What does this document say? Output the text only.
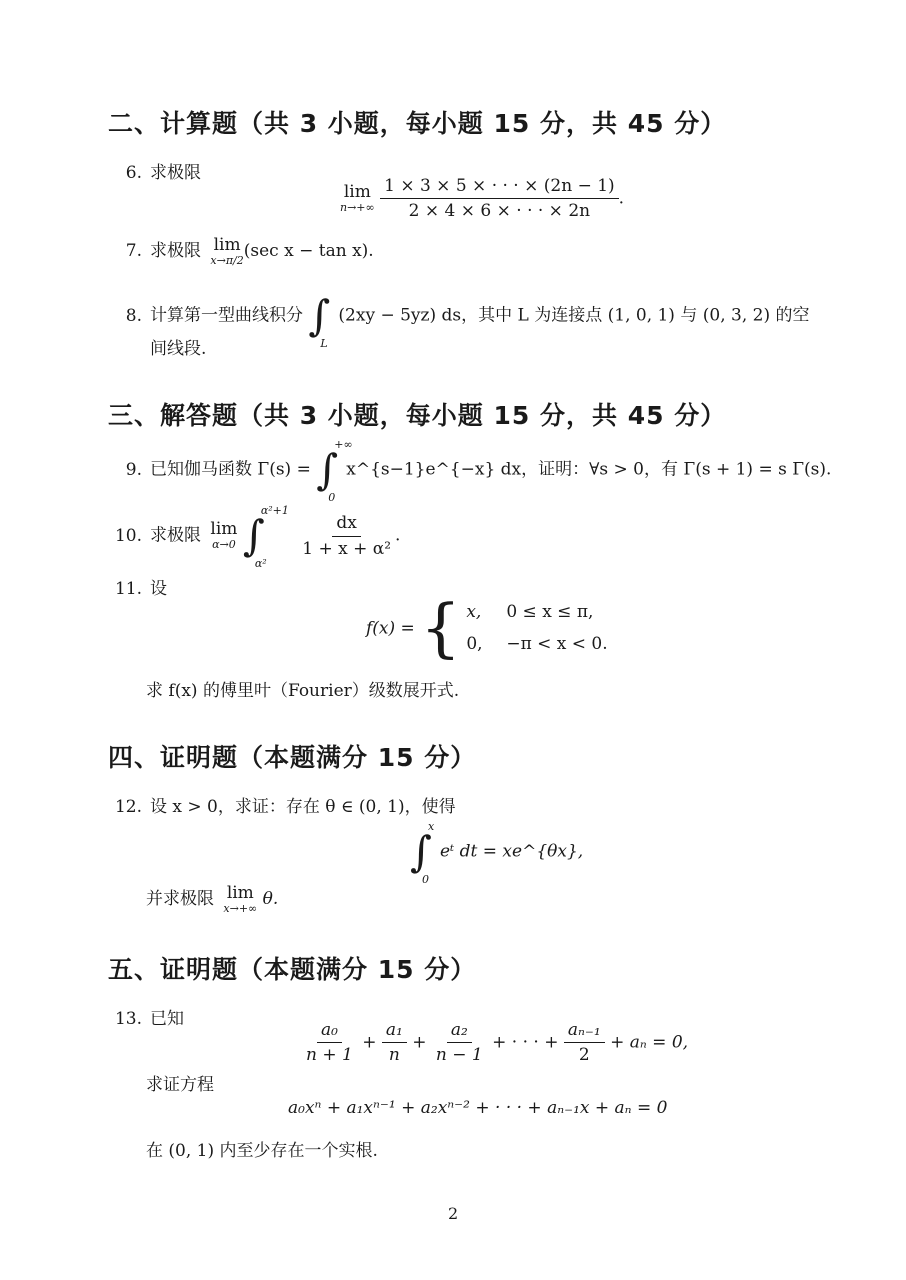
二、计算题（共 3 小题，每小题 15 分，共 45 分）
6. 求极限
lim
n→+∞
$\frac{1 \times 3 \times 5 \times \cdot \cdot \cdot \times (2n - 1)}{2 \times 4 \times 6 \times \cdot \cdot \cdot \times 2n}$ .
7. 求极限 lim
x→π/2 (sec x − tan x).
8. 计算第一型曲线积分 ∫
L
(2xy − 5yz) ds，其中 L 为连接点 (1, 0, 1) 与 (0, 3, 2) 的空
间线段.
三、解答题（共 3 小题，每小题 15 分，共 45 分）
9. 已知伽马函数 Γ(s) = ∫
+∞
0
x^{s−1}e^{−x} dx，证明：∀s > 0，有 Γ(s + 1) = s Γ(s).
10. 求极限 lim
α→0
∫
α²+1
α²

$\frac{dx}{\text{1 + x + α²}}$ .
11. 设
f(x) = { x, 0 ≤ x ≤ π,
0, −π < x < 0.
求 f(x) 的傅里叶（Fourier）级数展开式.
四、证明题（本题满分 15 分）
12. 设 x > 0，求证：存在 θ ∈ (0, 1)，使得
∫
x
0
eᵗ dt = xe^{θx},
并求极限 lim
x→+∞ θ.
五、证明题（本题满分 15 分）
13. 已知
$\frac{\text{a₀}}{n + 1} + \frac{\text{a₁}}{n} + \frac{\text{a₂}}{n - 1}$ + · · · + $\frac{\text{aₙ₋₁}}{2} + a_n = 0$,
求证方程
a₀xⁿ + a₁xⁿ⁻¹ + a₂xⁿ⁻² + · · · + aₙ₋₁x + aₙ = 0
在 (0, 1) 内至少存在一个实根.
2
